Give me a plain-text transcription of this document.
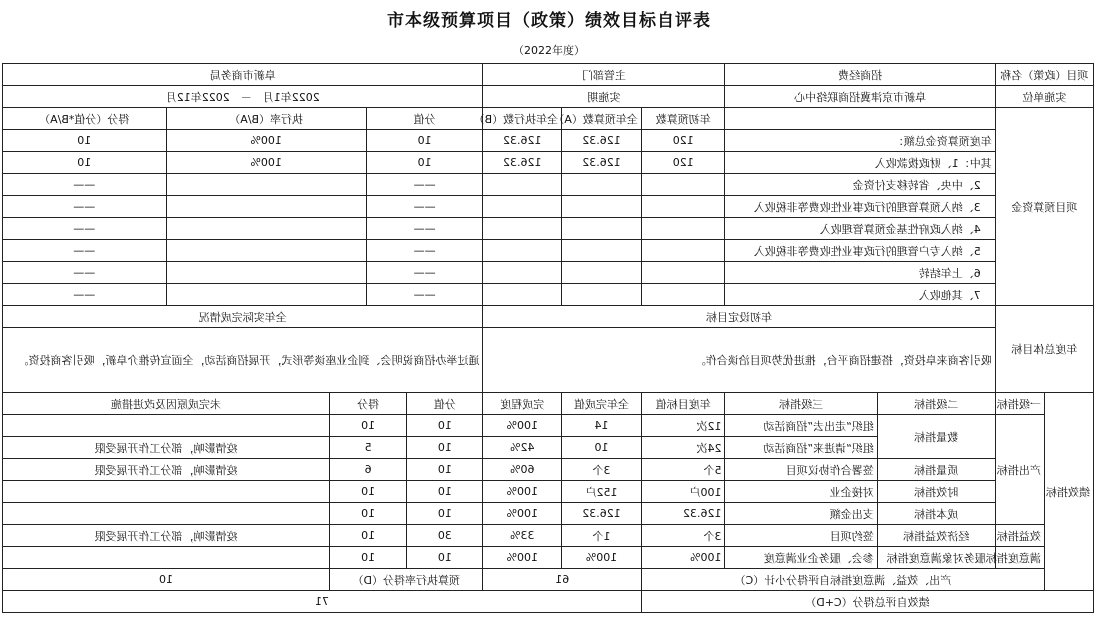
市本级预算项目（政策）绩效目标自评表
（2022年度）
项目（政策）名称		招商经费		主管部门			阜新市商务局				
实施单位		阜新市京津冀招商联络中心		实施期			2022年1月　－　2022年12月				
项目预算资金				年初预算数	全年预算数（A）	全年执行数（B）	分值		执行率（B/A）		得分（分值*B/A）
		年度预算资金总额：		120	126.32	126.32	10		100%		10
		其中：1、财政拨款收入		120	126.32	126.32	10		100%		10
		2、中央、省转移支付资金					——				——
		3、纳入预算管理的行政事业性收费等非税收入					——				——
		4、纳入政府性基金预算管理收入					——				——
		5、纳入专户管理的行政事业性收费等非税收入					——				——
		6、上年结转					——				——
		7、其他收入					——				——
年度总体目标		年初设定目标					全年实际完成情况				
		吸引客商来阜投资，搭建招商平台，推进优势项目洽谈合作。					通过举办招商说明会、到企业座谈等形式，开展招商活动，全面宣传推介阜新，吸引客商投资。				
绩效指标	一级指标	二级指标	三级指标	年度目标值	全年完成值	完成程度	分值	得分		未完成原因及改进措施	
	产出指标	数量指标	组织“走出去”招商活动	12次	14	100%	10	10			
			组织“请进来”招商活动	24次	10	42%	10	5		疫情影响，部分工作开展受限	
		质量指标	签署合作协议项目	5个	3个	60%	10	6		疫情影响，部分工作开展受限	
		时效指标	对接企业	100户	152户	100%	10	10			
		成本指标	支出金额	126.32	126.32	100%	10	10			
	效益指标	经济效益指标	签约项目	3个	1个	33%	30	10		疫情影响，部分工作开展受限	
	满意度指标	服务对象满意度指标	参会、服务企业满意度	100%	100%	100%	10	10			
	产出、效益、满意度指标自评得分小计（C）				61		预算执行率得分（D）			10	
绩效自评总得分（C+D）					71						
